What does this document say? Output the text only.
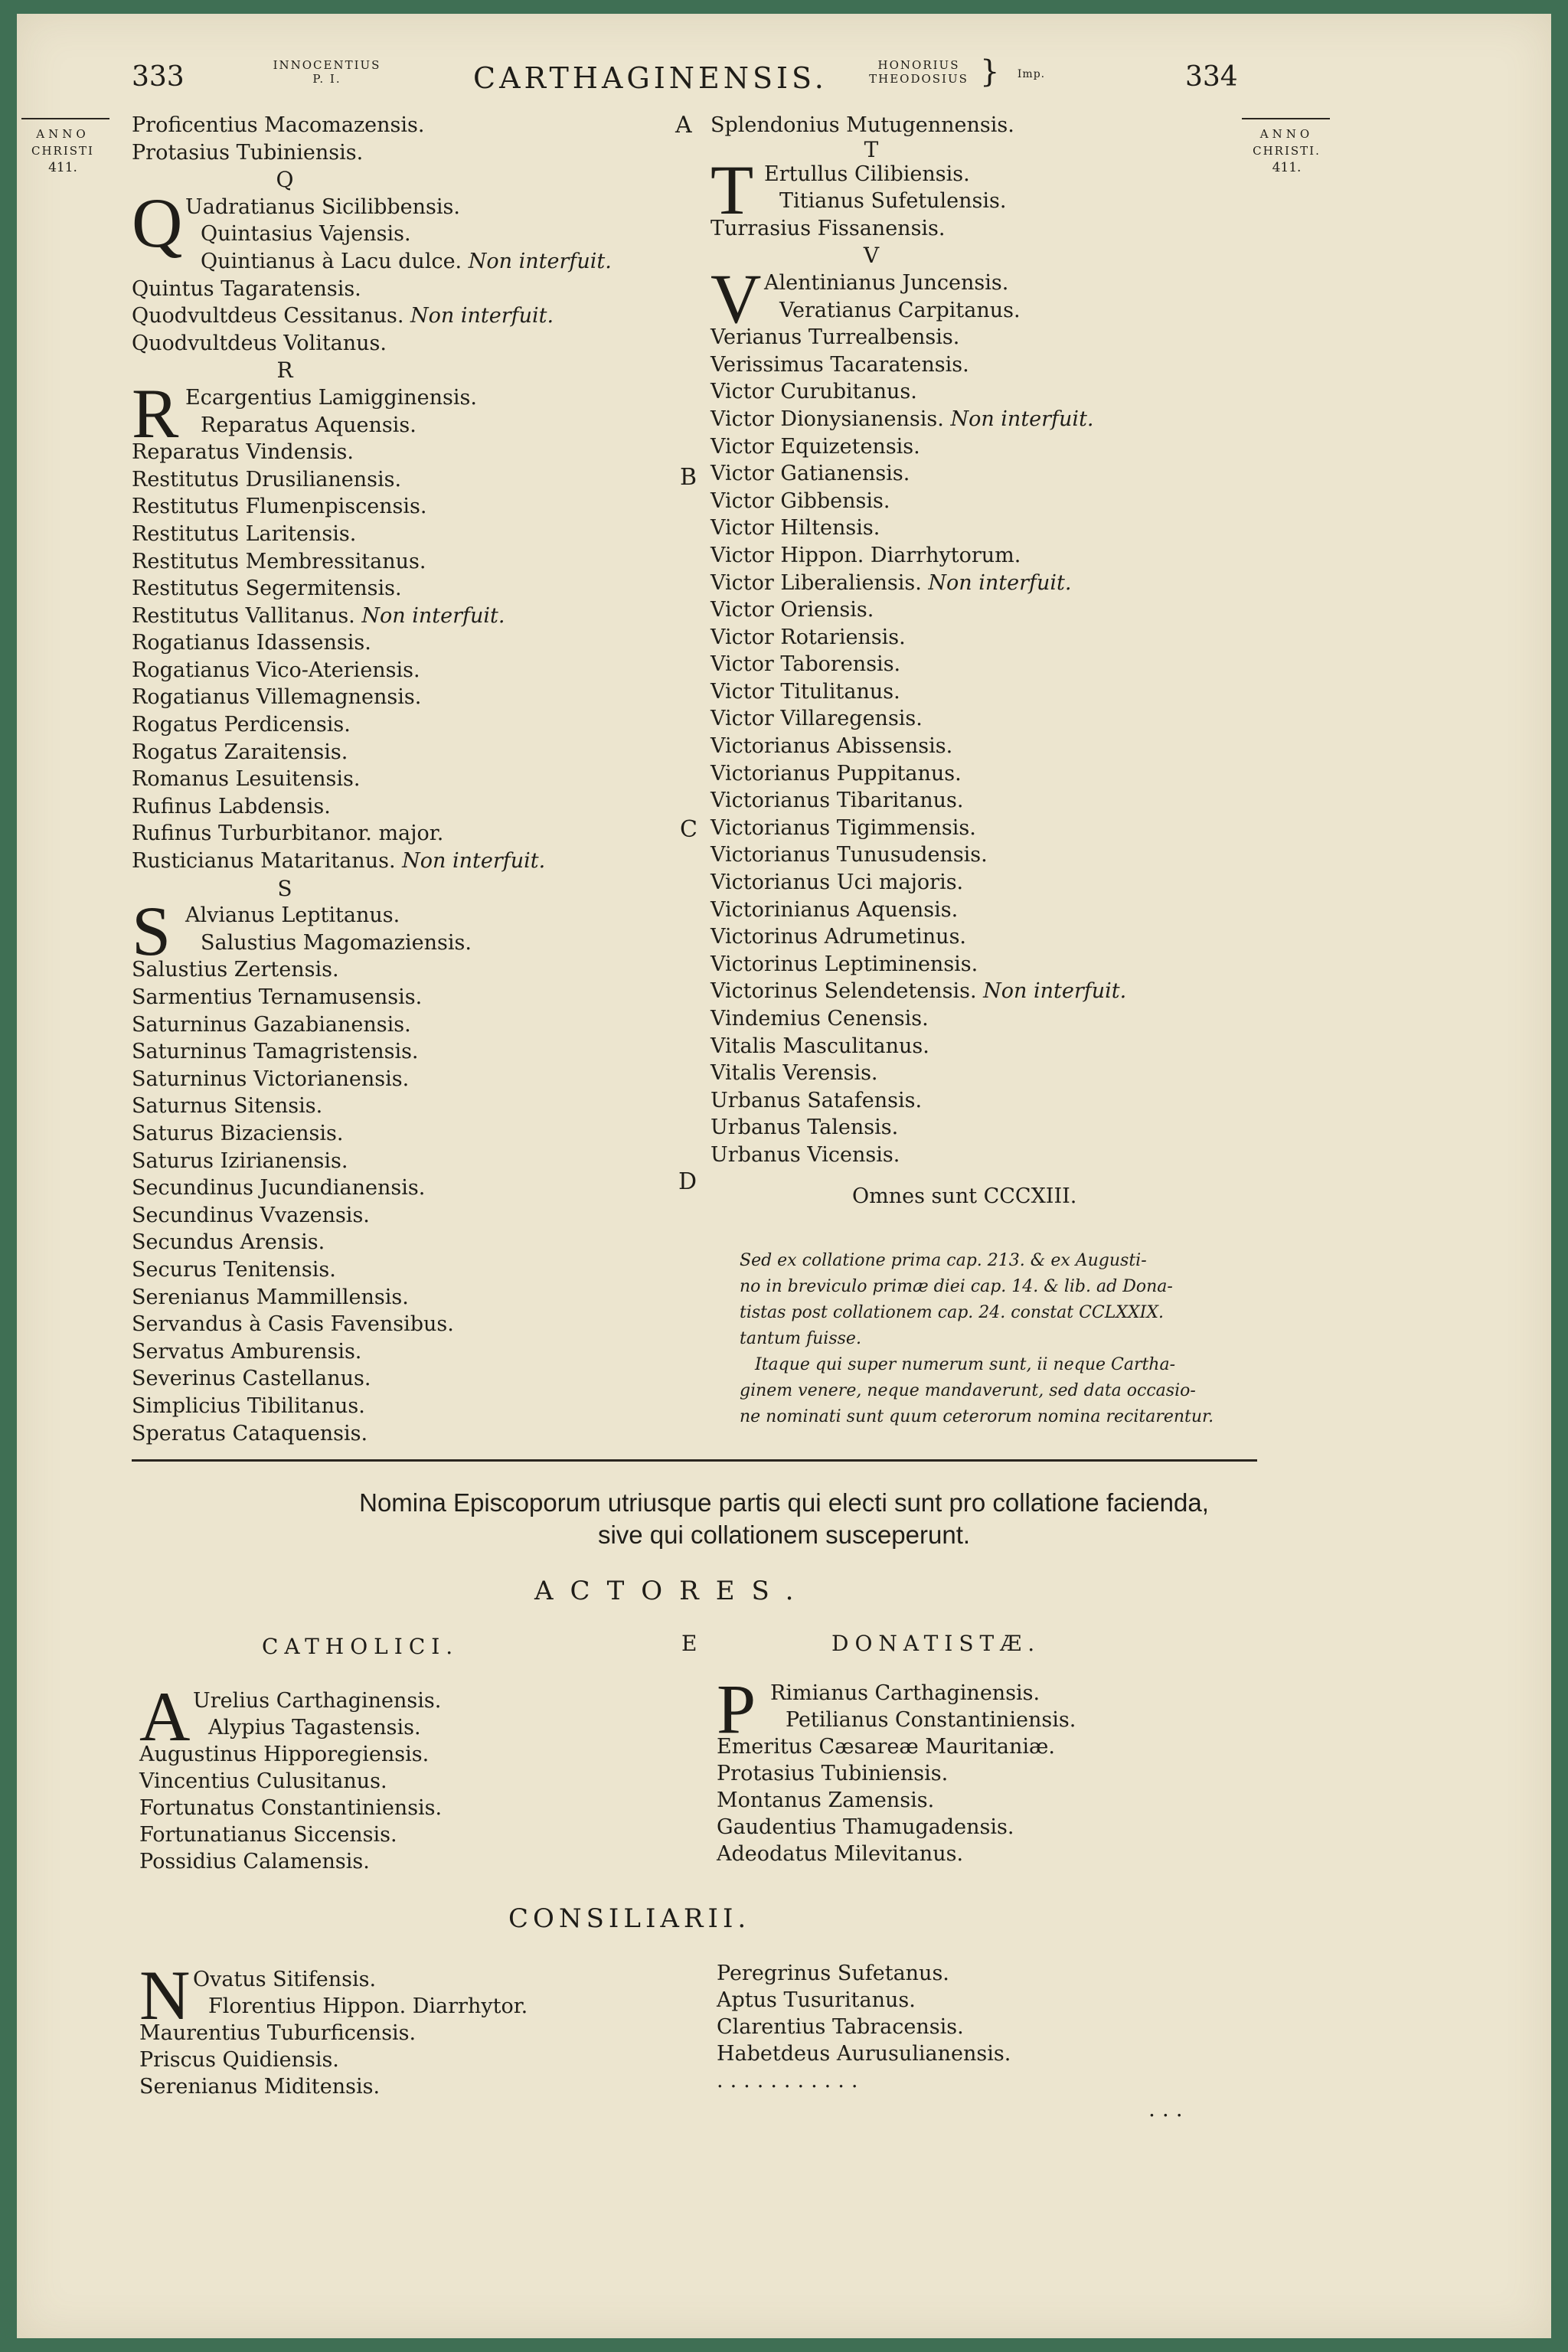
333	INNOCENTIUS
P. I.	CARTHAGINENSIS.	HONORIUS
THEODOSIUS }	Imp.	334
ANNO
CHRISTI
411.
ANNO
CHRISTI.
411.
A
B
C
D
Proficentius Macomazensis.
Protasius Tubiniensis.
Q
Q Uadratianus Sicilibbensis.
Quintasius Vajensis.
Quintianus à Lacu dulce. Non interfuit.
Quintus Tagaratensis.
Quodvultdeus Cessitanus. Non interfuit.
Quodvultdeus Volitanus.
R
R Ecargentius Lamigginensis.
Reparatus Aquensis.
Reparatus Vindensis.
Restitutus Drusilianensis.
Restitutus Flumenpiscensis.
Restitutus Laritensis.
Restitutus Membressitanus.
Restitutus Segermitensis.
Restitutus Vallitanus. Non interfuit.
Rogatianus Idassensis.
Rogatianus Vico-Ateriensis.
Rogatianus Villemagnensis.
Rogatus Perdicensis.
Rogatus Zaraitensis.
Romanus Lesuitensis.
Rufinus Labdensis.
Rufinus Turburbitanor. major.
Rusticianus Mataritanus. Non interfuit.
S
S Alvianus Leptitanus.
Salustius Magomaziensis.
Salustius Zertensis.
Sarmentius Ternamusensis.
Saturninus Gazabianensis.
Saturninus Tamagristensis.
Saturninus Victorianensis.
Saturnus Sitensis.
Saturus Bizaciensis.
Saturus Izirianensis.
Secundinus Jucundianensis.
Secundinus Vvazensis.
Secundus Arensis.
Securus Tenitensis.
Serenianus Mammillensis.
Servandus à Casis Favensibus.
Servatus Amburensis.
Severinus Castellanus.
Simplicius Tibilitanus.
Speratus Cataquensis.
Splendonius Mutugennensis.
T
T Ertullus Cilibiensis.
Titianus Sufetulensis.
Turrasius Fissanensis.
V
V Alentinianus Juncensis.
Veratianus Carpitanus.
Verianus Turrealbensis.
Verissimus Tacaratensis.
Victor Curubitanus.
Victor Dionysianensis. Non interfuit.
Victor Equizetensis.
Victor Gatianensis.
Victor Gibbensis.
Victor Hiltensis.
Victor Hippon. Diarrhytorum.
Victor Liberaliensis. Non interfuit.
Victor Oriensis.
Victor Rotariensis.
Victor Taborensis.
Victor Titulitanus.
Victor Villaregensis.
Victorianus Abissensis.
Victorianus Puppitanus.
Victorianus Tibaritanus.
Victorianus Tigimmensis.
Victorianus Tunusudensis.
Victorianus Uci majoris.
Victorinianus Aquensis.
Victorinus Adrumetinus.
Victorinus Leptiminensis.
Victorinus Selendetensis. Non interfuit.
Vindemius Cenensis.
Vitalis Masculitanus.
Vitalis Verensis.
Urbanus Satafensis.
Urbanus Talensis.
Urbanus Vicensis.
Omnes sunt CCCXIII.
Sed ex collatione prima cap. 213. & ex Augusti-
no in breviculo primæ diei cap. 14. & lib. ad Dona-
tistas post collationem cap. 24. constat CCLXXIX.
tantum fuisse.
Itaque qui super numerum sunt, ii neque Cartha-
ginem venere, neque mandaverunt, sed data occasio-
ne nominati sunt quum ceterorum nomina recitarentur.
Nomina Episcoporum utriusque partis qui electi sunt pro collatione facienda,
sive qui collationem susceperunt.
ACTORES.
CATHOLICI.	E	DONATISTÆ.
A Urelius Carthaginensis.
Alypius Tagastensis.
Augustinus Hipporegiensis.
Vincentius Culusitanus.
Fortunatus Constantiniensis.
Fortunatianus Siccensis.
Possidius Calamensis.
P Rimianus Carthaginensis.
Petilianus Constantiniensis.
Emeritus Cæsareæ Mauritaniæ.
Protasius Tubiniensis.
Montanus Zamensis.
Gaudentius Thamugadensis.
Adeodatus Milevitanus.
CONSILIARII.
N Ovatus Sitifensis.
Florentius Hippon. Diarrhytor.
Maurentius Tuburficensis.
Priscus Quidiensis.
Serenianus Miditensis.
Peregrinus Sufetanus.
Aptus Tusuritanus.
Clarentius Tabracensis.
Habetdeus Aurusulianensis.
...........
...
